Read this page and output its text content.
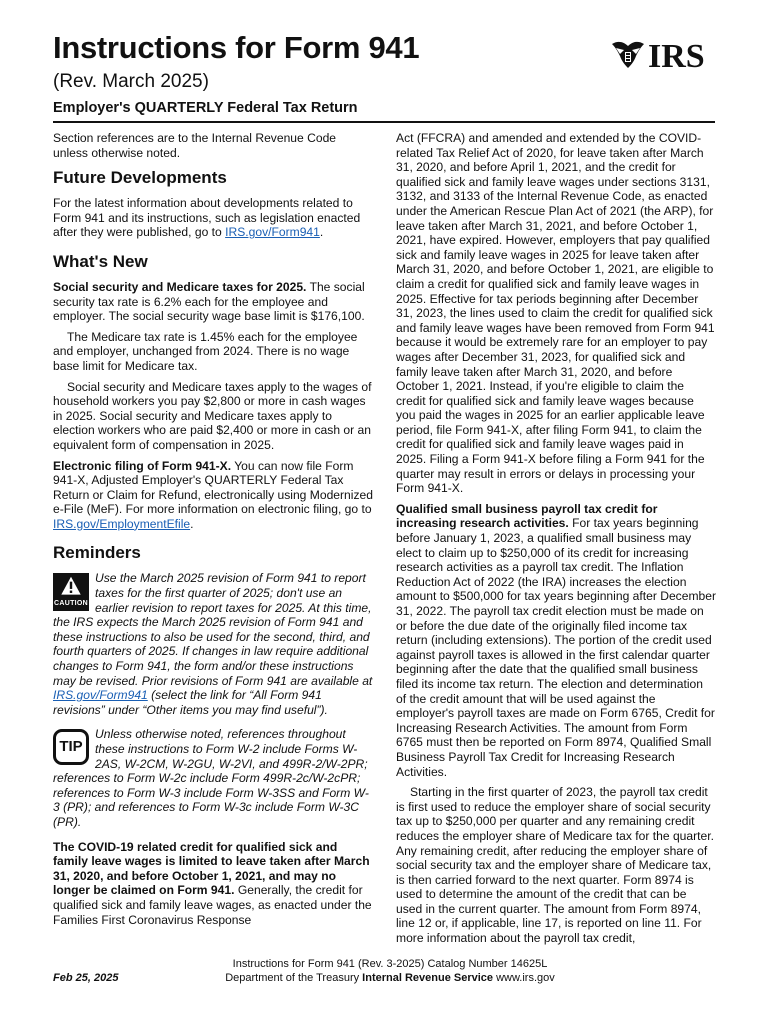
Instructions for Form 941
(Rev. March 2025)
Employer's QUARTERLY Federal Tax Return
IRS

Section references are to the Internal Revenue Code unless otherwise noted.

Future Developments

For the latest information about developments related to Form 941 and its instructions, such as legislation enacted after they were published, go to IRS.gov/Form941.

What's New

Social security and Medicare taxes for 2025. The social security tax rate is 6.2% each for the employee and employer. The social security wage base limit is $176,100.

The Medicare tax rate is 1.45% each for the employee and employer, unchanged from 2024. There is no wage base limit for Medicare tax.

Social security and Medicare taxes apply to the wages of household workers you pay $2,800 or more in cash wages in 2025. Social security and Medicare taxes apply to election workers who are paid $2,400 or more in cash or an equivalent form of compensation in 2025.

Electronic filing of Form 941-X. You can now file Form 941-X, Adjusted Employer's QUARTERLY Federal Tax Return or Claim for Refund, electronically using Modernized e-File (MeF). For more information on electronic filing, go to IRS.gov/EmploymentEfile.

Reminders
CAUTION
Use the March 2025 revision of Form 941 to report taxes for the first quarter of 2025; don't use an earlier revision to report taxes for 2025. At this time, the IRS expects the March 2025 revision of Form 941 and these instructions to also be used for the second, third, and fourth quarters of 2025. If changes in law require additional changes to Form 941, the form and/or these instructions may be revised. Prior revisions of Form 941 are available at IRS.gov/Form941 (select the link for “All Form 941 revisions” under “Other items you may find useful”).
TIP
Unless otherwise noted, references throughout these instructions to Form W-2 include Forms W-2AS, W-2CM, W-2GU, W-2VI, and 499R-2/W-2PR; references to Form W-2c include Form 499R-2c/W-2cPR; references to Form W-3 include Form W-3SS and Form W-3 (PR); and references to Form W-3c include Form W-3C (PR).

The COVID-19 related credit for qualified sick and family leave wages is limited to leave taken after March 31, 2020, and before October 1, 2021, and may no longer be claimed on Form 941. Generally, the credit for qualified sick and family leave wages, as enacted under the Families First Coronavirus Response

Act (FFCRA) and amended and extended by the COVID-related Tax Relief Act of 2020, for leave taken after March 31, 2020, and before April 1, 2021, and the credit for qualified sick and family leave wages under sections 3131, 3132, and 3133 of the Internal Revenue Code, as enacted under the American Rescue Plan Act of 2021 (the ARP), for leave taken after March 31, 2021, and before October 1, 2021, have expired. However, employers that pay qualified sick and family leave wages in 2025 for leave taken after March 31, 2020, and before October 1, 2021, are eligible to claim a credit for qualified sick and family leave wages in 2025. Effective for tax periods beginning after December 31, 2023, the lines used to claim the credit for qualified sick and family leave wages have been removed from Form 941 because it would be extremely rare for an employer to pay wages after December 31, 2023, for qualified sick and family leave taken after March 31, 2020, and before October 1, 2021. Instead, if you're eligible to claim the credit for qualified sick and family leave wages because you paid the wages in 2025 for an earlier applicable leave period, file Form 941-X, after filing Form 941, to claim the credit for qualified sick and family leave wages paid in 2025. Filing a Form 941-X before filing a Form 941 for the quarter may result in errors or delays in processing your Form 941-X.

Qualified small business payroll tax credit for increasing research activities. For tax years beginning before January 1, 2023, a qualified small business may elect to claim up to $250,000 of its credit for increasing research activities as a payroll tax credit. The Inflation Reduction Act of 2022 (the IRA) increases the election amount to $500,000 for tax years beginning after December 31, 2022. The payroll tax credit election must be made on or before the due date of the originally filed income tax return (including extensions). The portion of the credit used against payroll taxes is allowed in the first calendar quarter beginning after the date that the qualified small business filed its income tax return. The election and determination of the credit amount that will be used against the employer's payroll taxes are made on Form 6765, Credit for Increasing Research Activities. The amount from Form 6765 must then be reported on Form 8974, Qualified Small Business Payroll Tax Credit for Increasing Research Activities.

Starting in the first quarter of 2023, the payroll tax credit is first used to reduce the employer share of social security tax up to $250,000 per quarter and any remaining credit reduces the employer share of Medicare tax for the quarter. Any remaining credit, after reducing the employer share of social security tax and the employer share of Medicare tax, is then carried forward to the next quarter. Form 8974 is used to determine the amount of the credit that can be used in the current quarter. The amount from Form 8974, line 12 or, if applicable, line 17, is reported on line 11. For more information about the payroll tax credit,

Feb 25, 2025
Instructions for Form 941 (Rev. 3-2025) Catalog Number 14625L
Department of the Treasury Internal Revenue Service www.irs.gov
